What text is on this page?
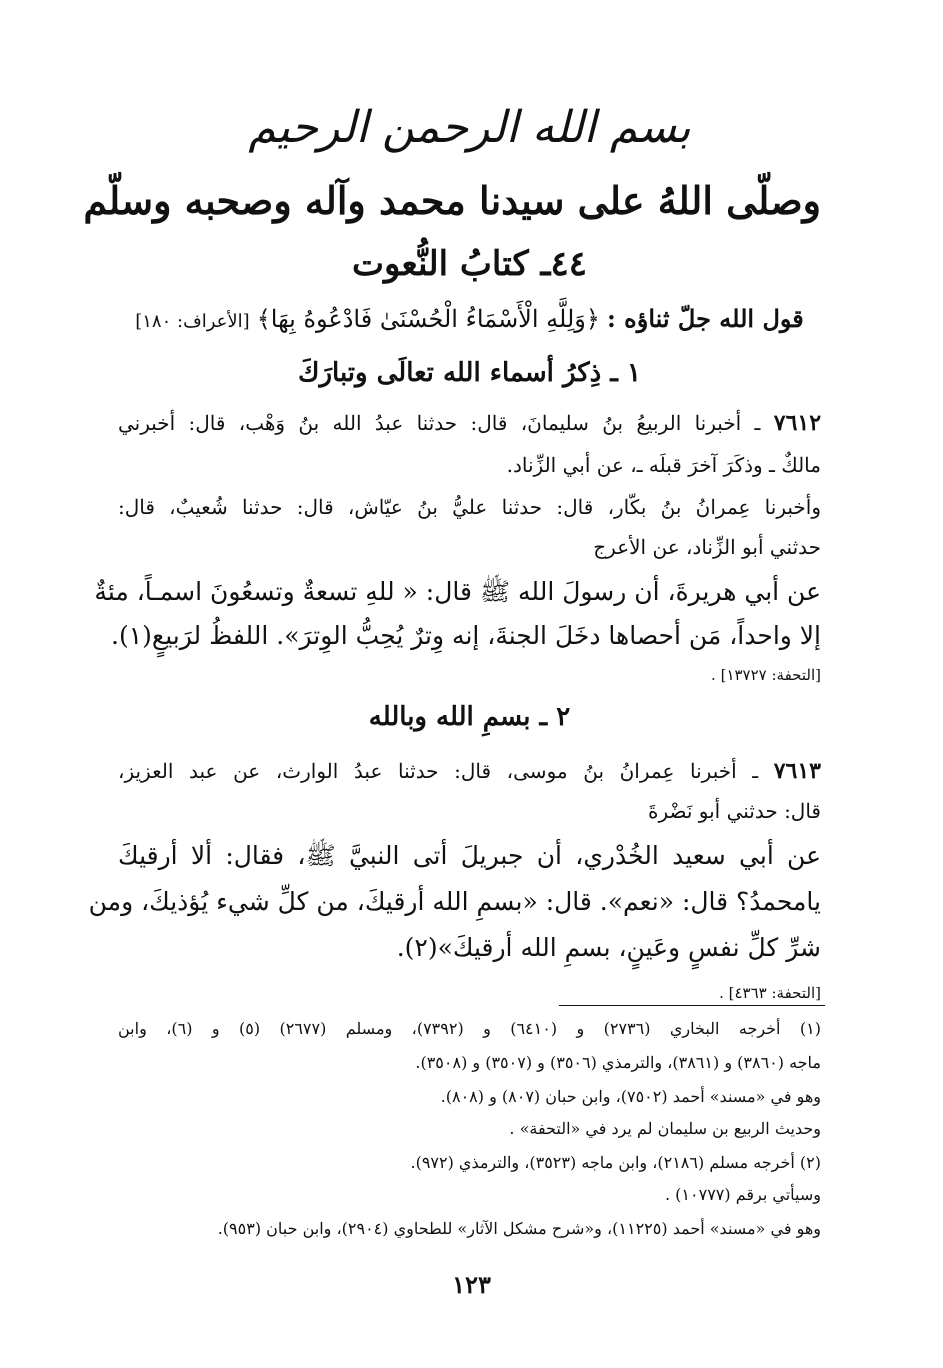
بسم الله الرحمن الرحيم
وصلّى اللهُ على سيدنا محمد وآله وصحبه وسلّم
٤٤ـ كتابُ النُّعوت
قول الله جلّ ثناؤه : ﴿وَلِلَّهِ الْأَسْمَاءُ الْحُسْنَىٰ فَادْعُوهُ بِهَا﴾ [الأعراف: ١٨٠]
١ ـ ذِكرُ أسماء الله تعالَى وتبارَكَ
٧٦١٢ ـ أخبرنا الربيعُ بنُ سليمانَ، قال: حدثنا عبدُ الله بنُ وَهْب، قال: أخبرني
مالكٌ ـ وذكَرَ آخرَ قبلَه ـ، عن أبي الزِّناد.
وأخبرنا عِمرانُ بنُ بكّار، قال: حدثنا عليُّ بنُ عيّاش، قال: حدثنا شُعيبٌ، قال:
حدثني أبو الزِّناد، عن الأعرج
عن أبي هريرةَ، أن رسولَ الله ﷺ قال: « للهِ تسعةٌ وتسعُونَ اسمـاً، مئةٌ
إلا واحداً، مَن أحصاها دخَلَ الجنةَ، إنه وِترٌ يُحِبُّ الوِترَ». اللفظُ لرَبيعٍ(١).
[التحفة: ١٣٧٢٧] .
٢ ـ بسمِ الله وبالله
٧٦١٣ ـ أخبرنا عِمرانُ بنُ موسى، قال: حدثنا عبدُ الوارث، عن عبد العزيز،
قال: حدثني أبو نَضْرةَ
عن أبي سعيد الخُدْري، أن جبريلَ أتى النبيَّ ﷺ، فقال: ألا أرقيكَ
يامحمدُ؟ قال: «نعم». قال: «بسمِ الله أرقيكَ، من كلِّ شيء يُؤذيكَ، ومن
شرِّ كلِّ نفسٍ وعَينٍ، بسمِ الله أرقيكَ»(٢).
[التحفة: ٤٣٦٣] .
(١) أخرجه البخاري (٢٧٣٦) و (٦٤١٠) و (٧٣٩٢)، ومسلم (٢٦٧٧) (٥) و (٦)، وابن
ماجه (٣٨٦٠) و (٣٨٦١)، والترمذي (٣٥٠٦) و (٣٥٠٧) و (٣٥٠٨).
وهو في «مسند» أحمد (٧٥٠٢)، وابن حبان (٨٠٧) و (٨٠٨).
وحديث الربيع بن سليمان لم يرد في «التحفة» .
(٢) أخرجه مسلم (٢١٨٦)، وابن ماجه (٣٥٢٣)، والترمذي (٩٧٢).
وسيأتي برقم (١٠٧٧٧) .
وهو في «مسند» أحمد (١١٢٢٥)، و«شرح مشكل الآثار» للطحاوي (٢٩٠٤)، وابن حبان (٩٥٣).
١٢٣
